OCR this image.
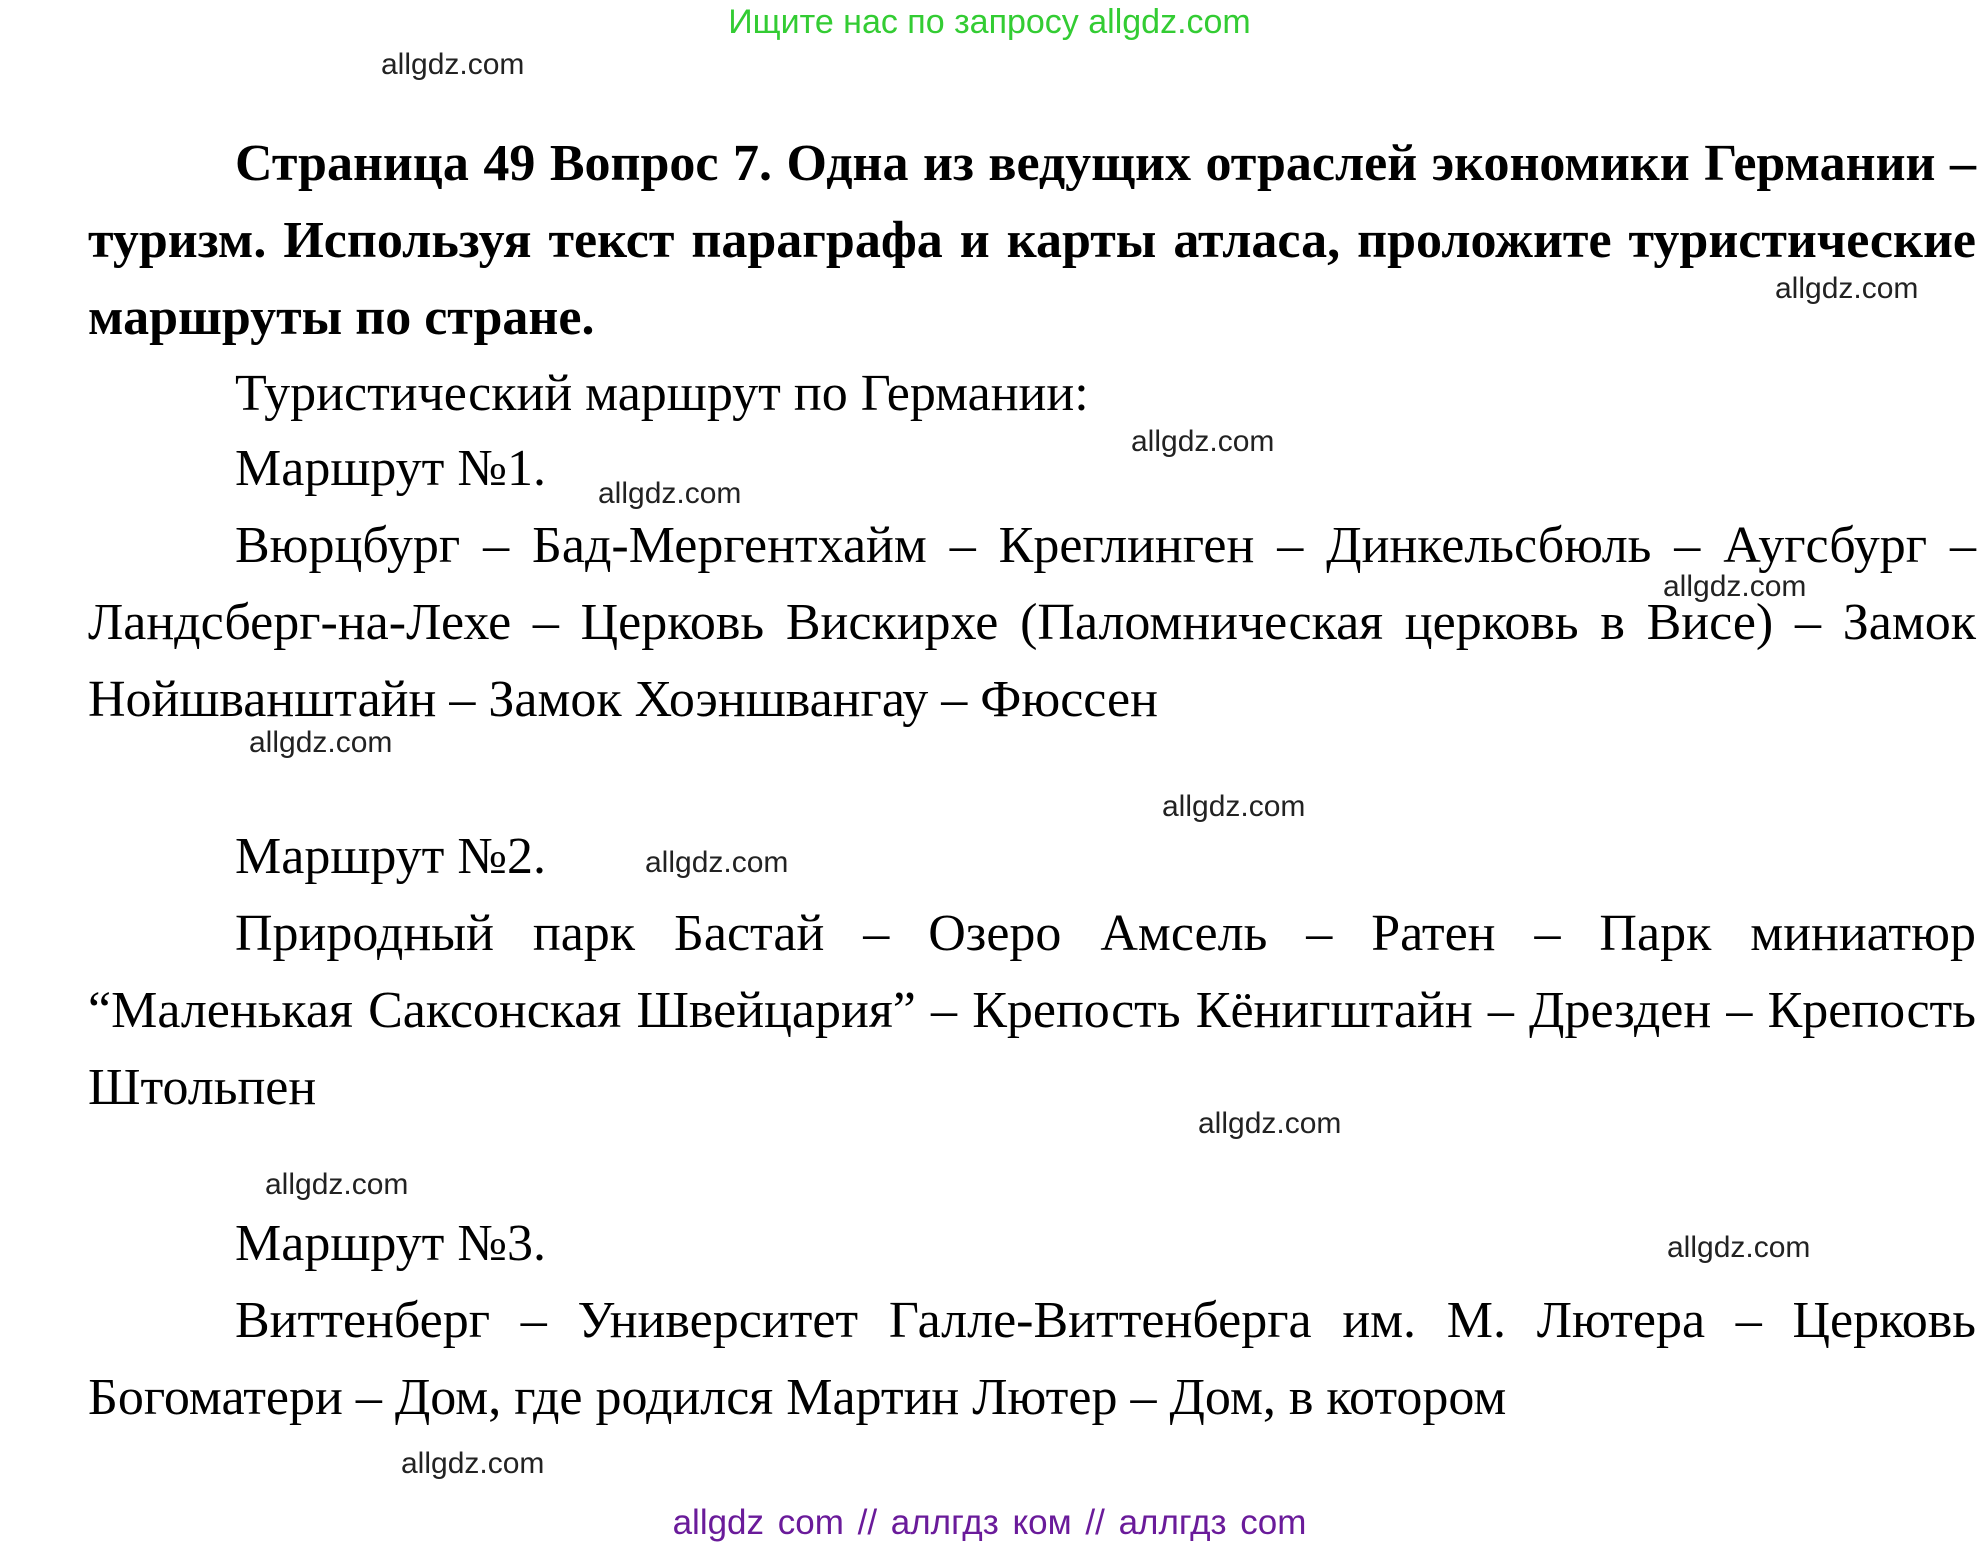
Ищите нас по запросу allgdz.com

Страница 49 Вопрос 7. Одна из ведущих отраслей экономики Германии – туризм. Используя текст параграфа и карты атласа, проложите туристические маршруты по стране.

Туристический маршрут по Германии:

Маршрут №1.

Вюрцбург – Бад-Мергентхайм – Креглинген – Динкельсбюль – Аугсбург – Ландсберг-на-Лехе – Церковь Вискирхе (Паломническая церковь в Висе) – Замок Нойшванштайн – Замок Хоэншвангау – Фюссен

Маршрут №2.

Природный парк Бастай – Озеро Амсель – Ратен – Парк миниатюр “Маленькая Саксонская Швейцария” – Крепость Кёнигштайн – Дрезден – Крепость Штольпен

Маршрут №3.

Виттенберг – Университет Галле-Виттенберга им. М. Лютера – Церковь Богоматери – Дом, где родился Мартин Лютер – Дом, в котором

allgdz.com
allgdz.com
allgdz.com
allgdz.com
allgdz.com
allgdz.com
allgdz.com
allgdz.com
allgdz.com
allgdz.com
allgdz.com
allgdz.com
allgdz com // аллгдз ком // аллгдз com
